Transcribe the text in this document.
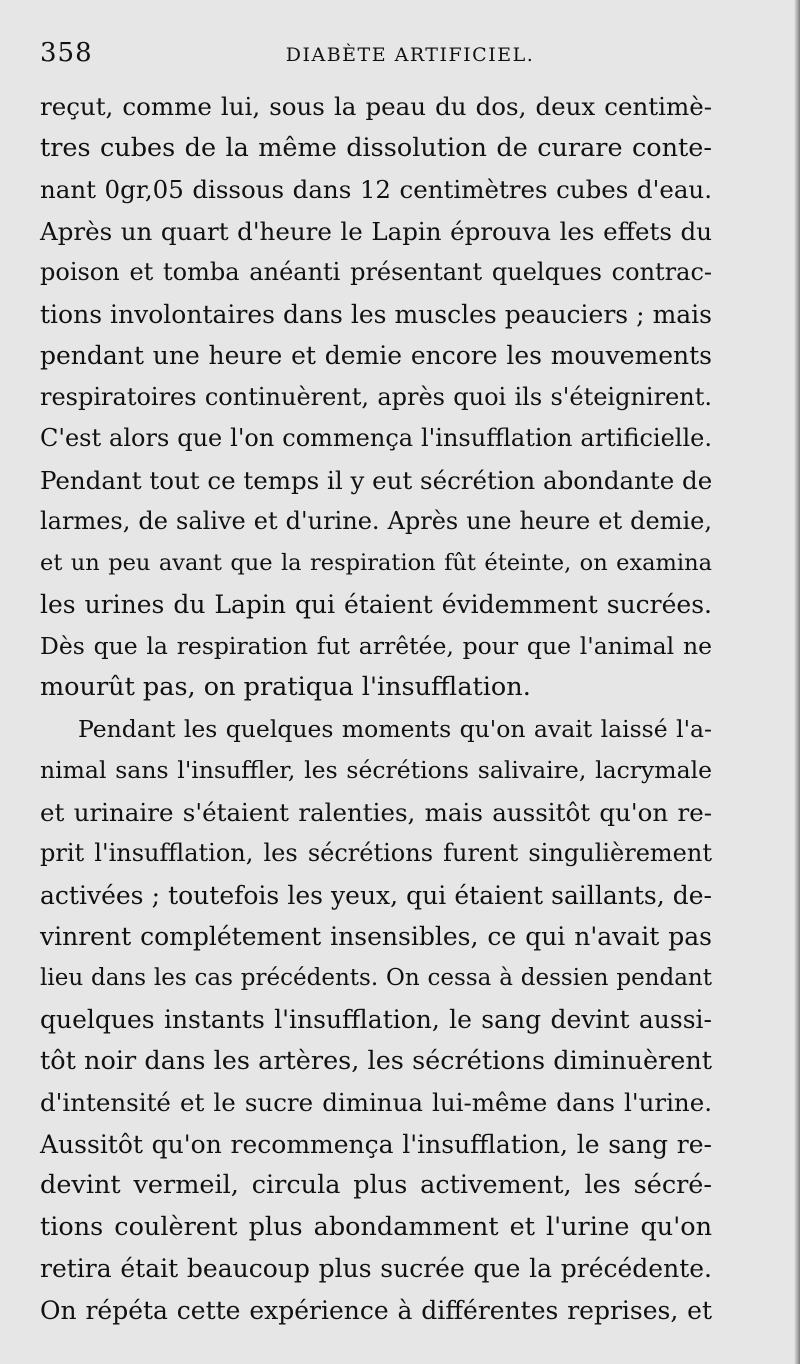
358	DIABÈTE ARTIFICIEL.
reçut, comme lui, sous la peau du dos, deux centimè-
tres cubes de la même dissolution de curare conte-
nant 0gr,05 dissous dans 12 centimètres cubes d'eau.
Après un quart d'heure le Lapin éprouva les effets du
poison et tomba anéanti présentant quelques contrac-
tions involontaires dans les muscles peauciers ; mais
pendant une heure et demie encore les mouvements
respiratoires continuèrent, après quoi ils s'éteignirent.
C'est alors que l'on commença l'insufflation artificielle.
Pendant tout ce temps il y eut sécrétion abondante de
larmes, de salive et d'urine. Après une heure et demie,
et un peu avant que la respiration fût éteinte, on examina
les urines du Lapin qui étaient évidemment sucrées.
Dès que la respiration fut arrêtée, pour que l'animal ne
mourût pas, on pratiqua l'insufflation.
Pendant les quelques moments qu'on avait laissé l'a-
nimal sans l'insuffler, les sécrétions salivaire, lacrymale
et urinaire s'étaient ralenties, mais aussitôt qu'on re-
prit l'insufflation, les sécrétions furent singulièrement
activées ; toutefois les yeux, qui étaient saillants, de-
vinrent complétement insensibles, ce qui n'avait pas
lieu dans les cas précédents. On cessa à dessien pendant
quelques instants l'insufflation, le sang devint aussi-
tôt noir dans les artères, les sécrétions diminuèrent
d'intensité et le sucre diminua lui-même dans l'urine.
Aussitôt qu'on recommença l'insufflation, le sang re-
devint vermeil, circula plus activement, les sécré-
tions coulèrent plus abondamment et l'urine qu'on
retira était beaucoup plus sucrée que la précédente.
On répéta cette expérience à différentes reprises, et
